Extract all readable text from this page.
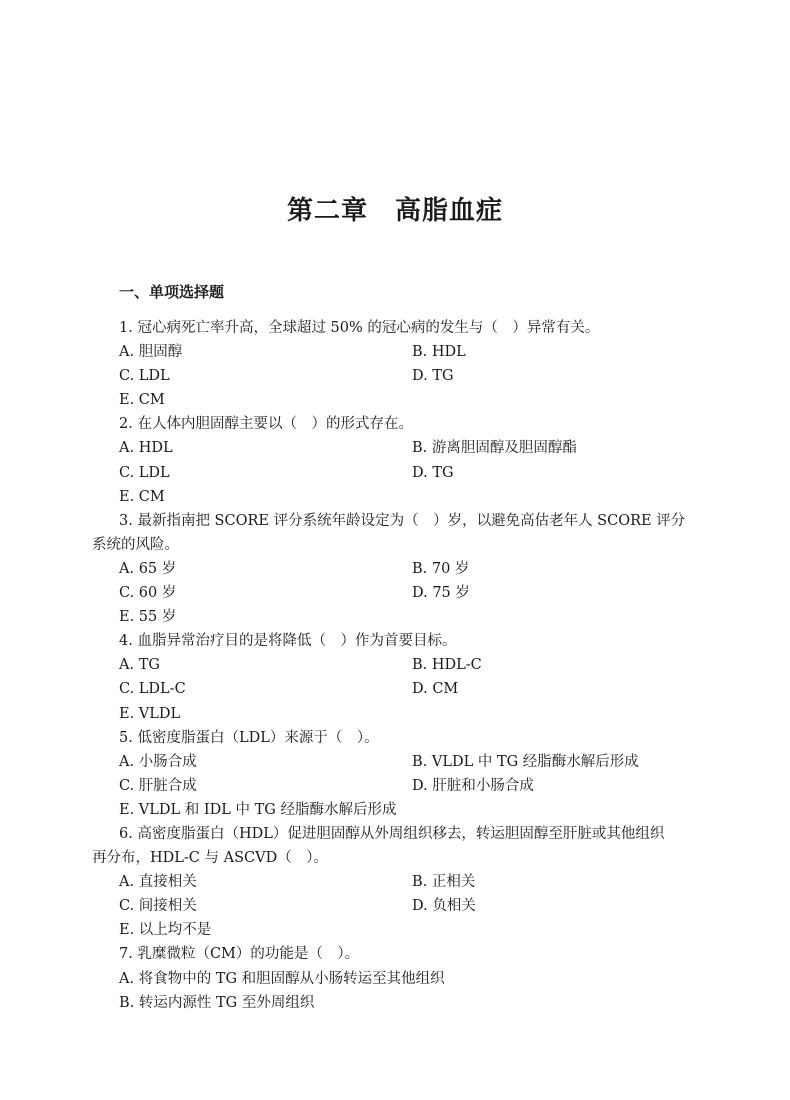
第二章　高脂血症
一、单项选择题
1. 冠心病死亡率升高，全球超过 50% 的冠心病的发生与（　）异常有关。
A. 胆固醇	B. HDL
C. LDL	D. TG
E. CM
2. 在人体内胆固醇主要以（　）的形式存在。
A. HDL	B. 游离胆固醇及胆固醇酯
C. LDL	D. TG
E. CM
3. 最新指南把 SCORE 评分系统年龄设定为（　）岁，以避免高估老年人 SCORE 评分
系统的风险。
A. 65 岁	B. 70 岁
C. 60 岁	D. 75 岁
E. 55 岁
4. 血脂异常治疗目的是将降低（　）作为首要目标。
A. TG	B. HDL-C
C. LDL-C	D. CM
E. VLDL
5. 低密度脂蛋白（LDL）来源于（　）。
A. 小肠合成	B. VLDL 中 TG 经脂酶水解后形成
C. 肝脏合成	D. 肝脏和小肠合成
E. VLDL 和 IDL 中 TG 经脂酶水解后形成
6. 高密度脂蛋白（HDL）促进胆固醇从外周组织移去，转运胆固醇至肝脏或其他组织
再分布，HDL-C 与 ASCVD（　）。
A. 直接相关	B. 正相关
C. 间接相关	D. 负相关
E. 以上均不是
7. 乳糜微粒（CM）的功能是（　）。
A. 将食物中的 TG 和胆固醇从小肠转运至其他组织
B. 转运内源性 TG 至外周组织
